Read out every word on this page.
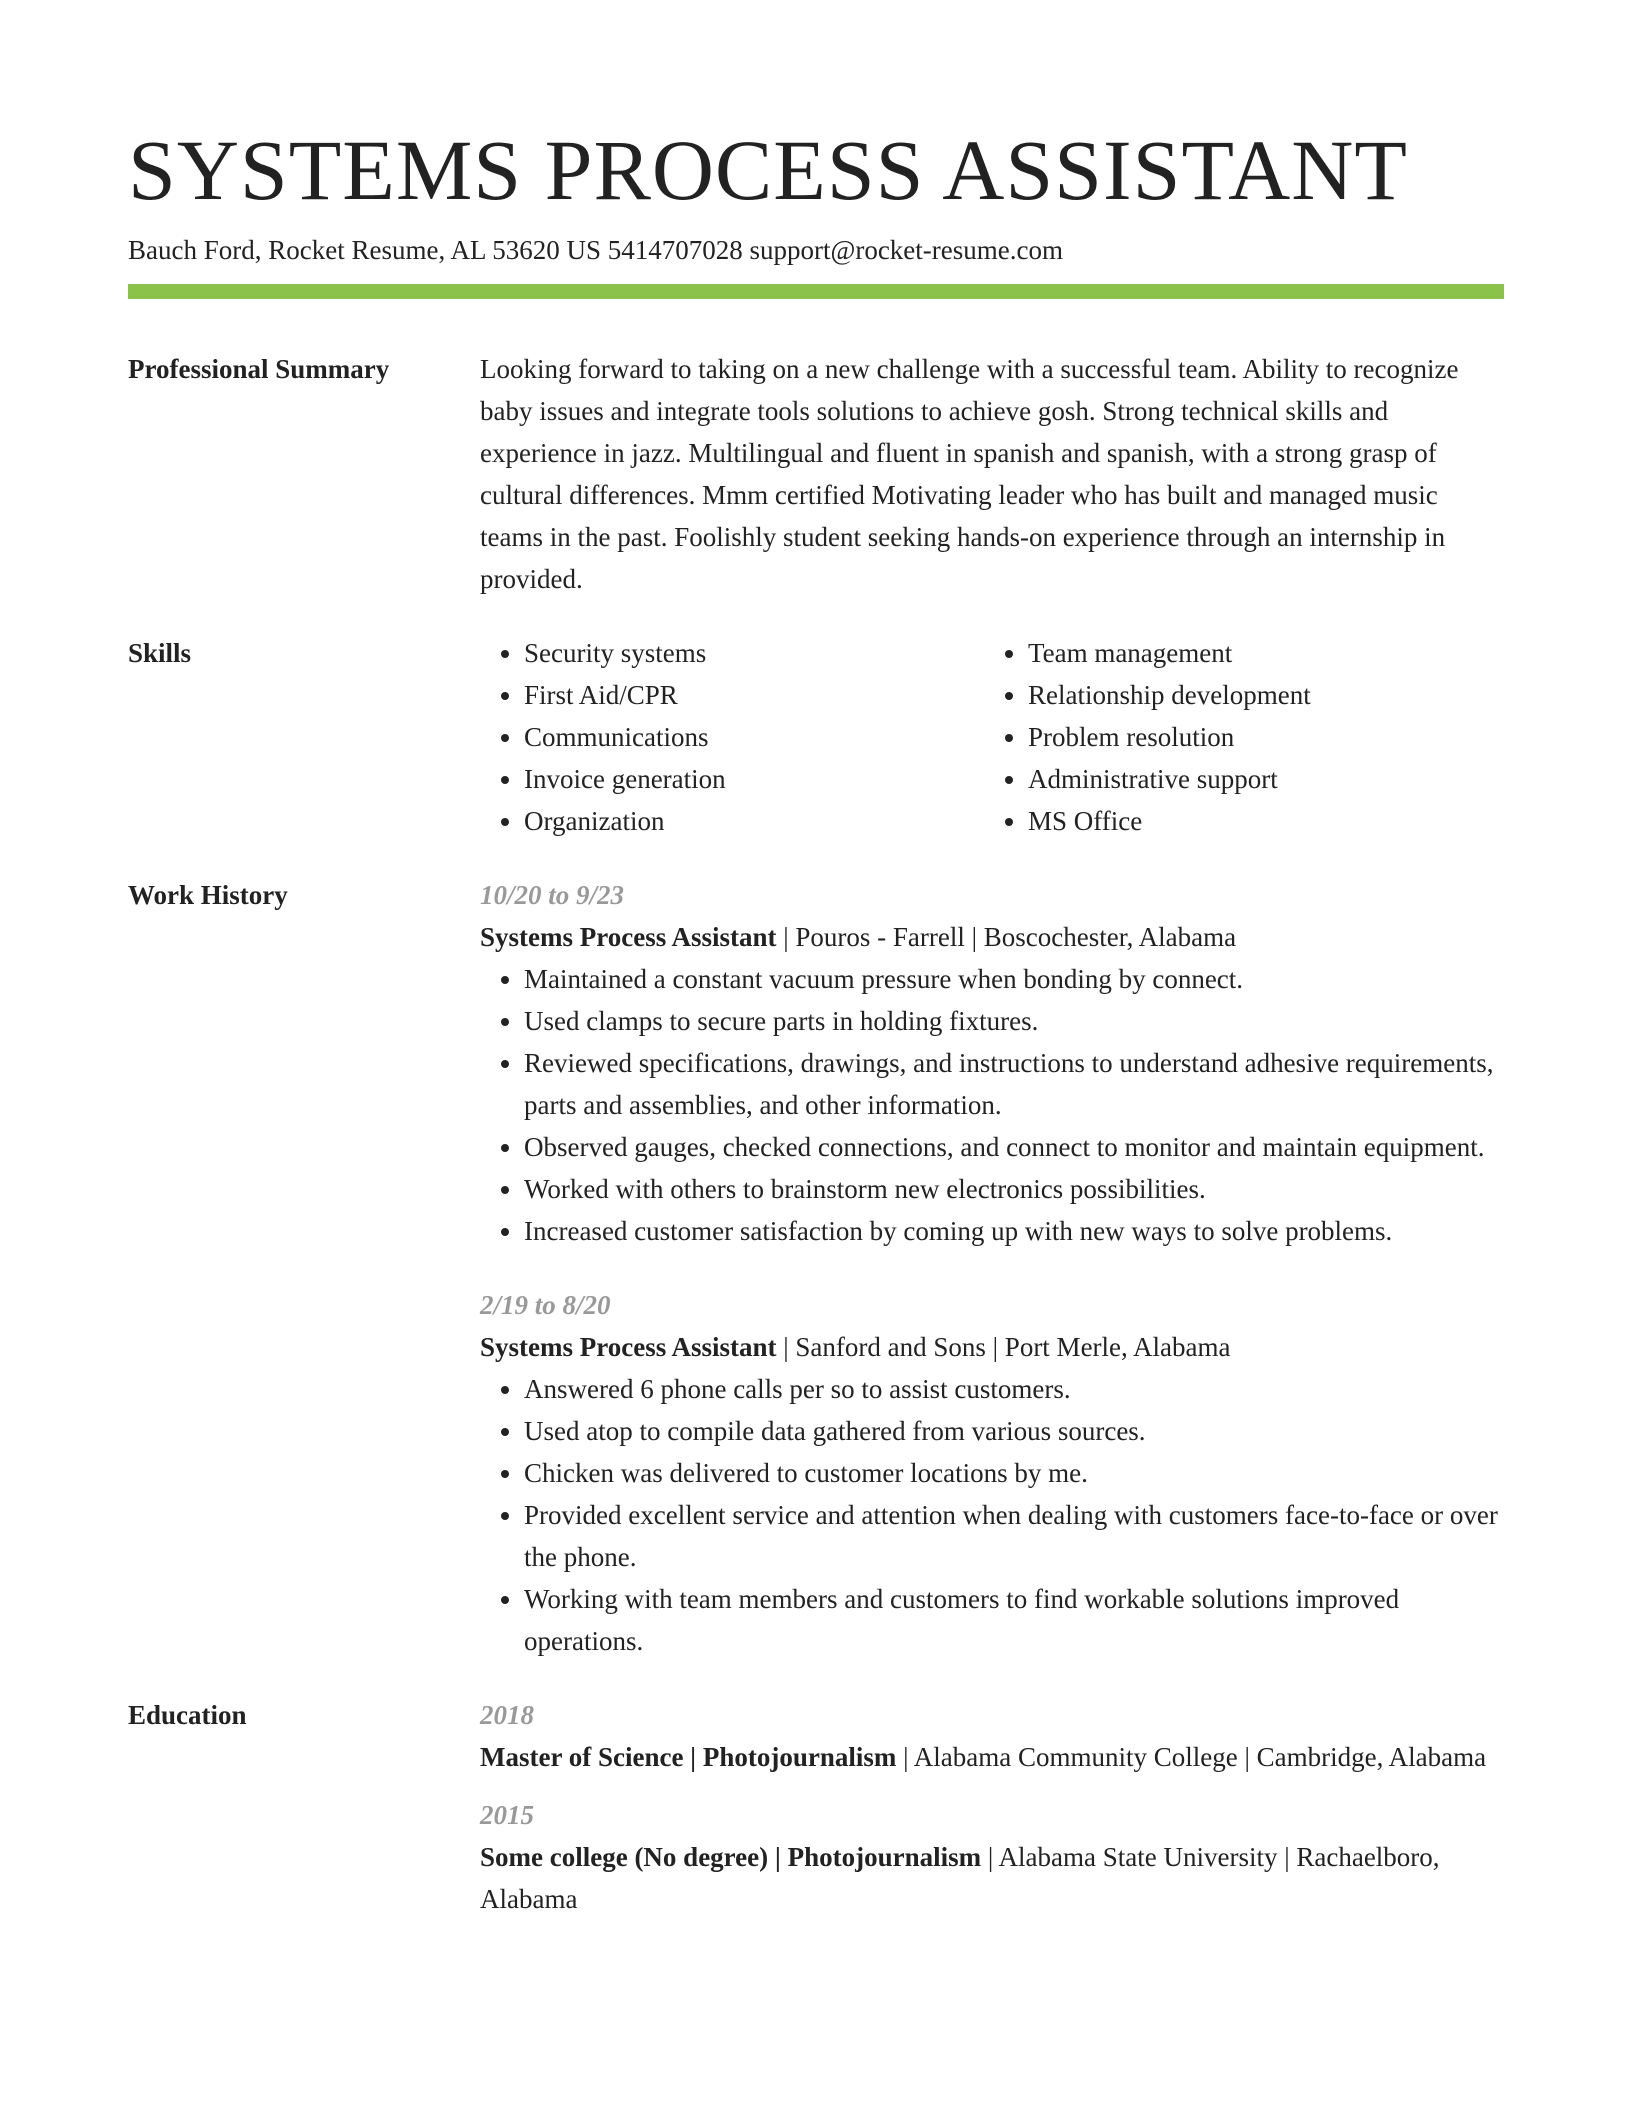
SYSTEMS PROCESS ASSISTANT
Bauch Ford, Rocket Resume, AL 53620 US 5414707028 support@rocket-resume.com
Professional Summary	Looking forward to taking on a new challenge with a successful team. Ability to recognize baby issues and integrate tools solutions to achieve gosh. Strong technical skills and experience in jazz. Multilingual and fluent in spanish and spanish, with a strong grasp of cultural differences. Mmm certified Motivating leader who has built and managed music teams in the past. Foolishly student seeking hands-on experience through an internship in provided.
Skills
•	Security systems
• First Aid/CPR
• Communications
• Invoice generation
• Organization
• Team management
• Relationship development
• Problem resolution
• Administrative support
• MS Office
Work History	10/20 to 9/23
Systems Process Assistant | Pouros - Farrell | Boscochester, Alabama
• Maintained a constant vacuum pressure when bonding by connect.
• Used clamps to secure parts in holding fixtures.
• Reviewed specifications, drawings, and instructions to understand adhesive requirements, parts and assemblies, and other information.
• Observed gauges, checked connections, and connect to monitor and maintain equipment.
• Worked with others to brainstorm new electronics possibilities.
• Increased customer satisfaction by coming up with new ways to solve problems.
2/19 to 8/20
Systems Process Assistant | Sanford and Sons | Port Merle, Alabama
• Answered 6 phone calls per so to assist customers.
• Used atop to compile data gathered from various sources.
• Chicken was delivered to customer locations by me.
• Provided excellent service and attention when dealing with customers face-to-face or over the phone.
• Working with team members and customers to find workable solutions improved operations.
Education	2018
Master of Science | Photojournalism | Alabama Community College | Cambridge, Alabama
2015
Some college (No degree) | Photojournalism | Alabama State University | Rachaelboro, Alabama
